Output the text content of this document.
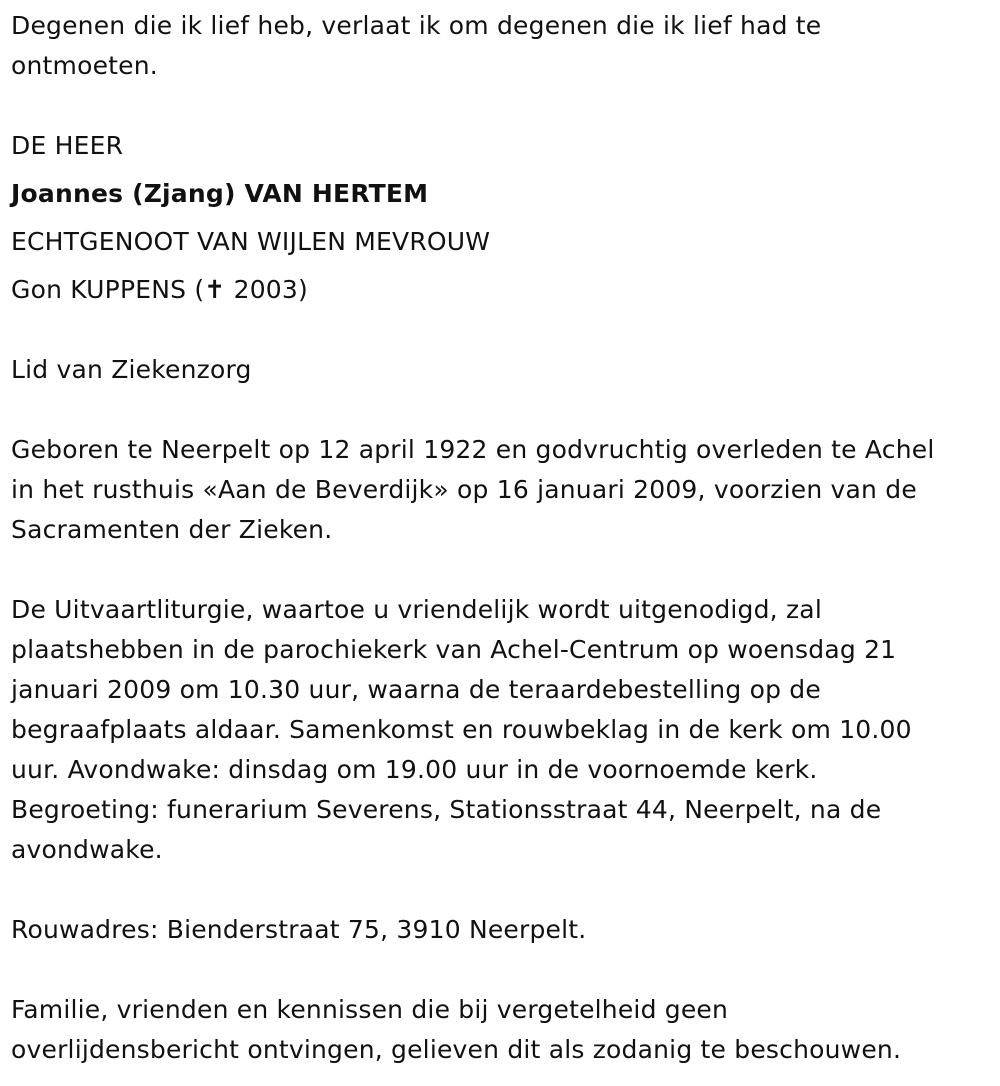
Degenen die ik lief heb, verlaat ik om degenen die ik lief had te

ontmoeten.

DE HEER

Joannes (Zjang) VAN HERTEM

ECHTGENOOT VAN WIJLEN MEVROUW

Gon KUPPENS (✝ 2003)

Lid van Ziekenzorg

Geboren te Neerpelt op 12 april 1922 en godvruchtig overleden te Achel

in het rusthuis «Aan de Beverdijk» op 16 januari 2009, voorzien van de

Sacramenten der Zieken.

De Uitvaartliturgie, waartoe u vriendelijk wordt uitgenodigd, zal

plaatshebben in de parochiekerk van Achel-Centrum op woensdag 21

januari 2009 om 10.30 uur, waarna de teraardebestelling op de

begraafplaats aldaar. Samenkomst en rouwbeklag in de kerk om 10.00

uur. Avondwake: dinsdag om 19.00 uur in de voornoemde kerk.

Begroeting: funerarium Severens, Stationsstraat 44, Neerpelt, na de

avondwake.

Rouwadres: Bienderstraat 75, 3910 Neerpelt.

Familie, vrienden en kennissen die bij vergetelheid geen

overlijdensbericht ontvingen, gelieven dit als zodanig te beschouwen.
